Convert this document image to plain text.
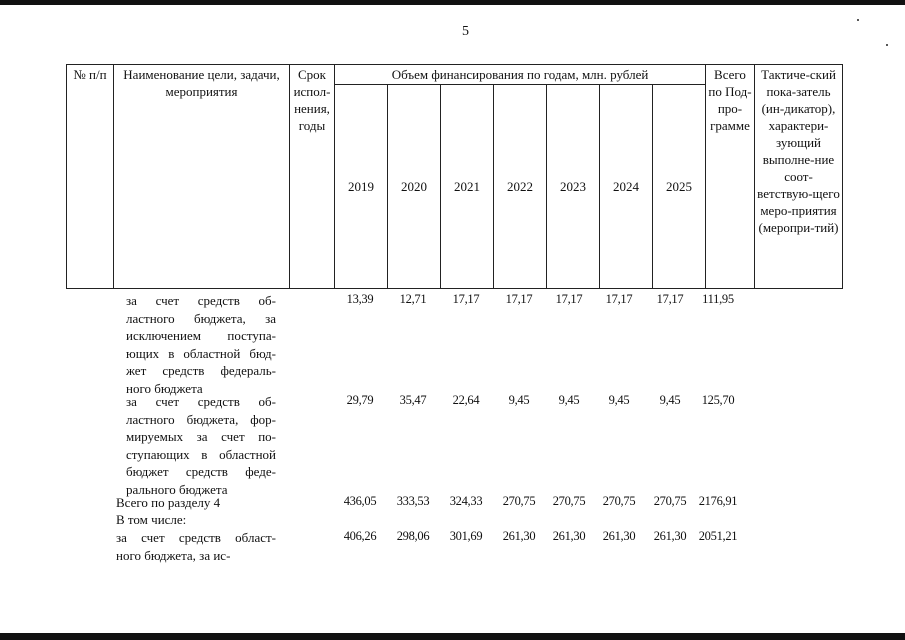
5
№ п/п	Наименование цели, задачи, мероприятия	Срок испол-нения, годы	Объем финансирования по годам, млн. рублей							Всего по Под-про-грамме	Тактиче-ский пока-затель (ин-дикатор), характери-зующий выполне-ние соот-ветствую-щего меро-приятия (меропри-тий)
			2019	2020	2021	2022	2023	2024	2025		
за счет средств об-
ластного бюджета, за
исключением поступа-
ющих в областной бюд-
жет средств федераль-
ного бюджета
13,39	12,71	17,17	17,17	17,17	17,17	17,17	111,95
за счет средств об-
ластного бюджета, фор-
мируемых за счет по-
ступающих в областной
бюджет средств феде-
рального бюджета
29,79	35,47	22,64	9,45	9,45	9,45	9,45	125,70
Всего по разделу 4	436,05	333,53	324,33	270,75	270,75	270,75	270,75 2176,91
В том числе:
за счет средств област-
ного бюджета, за ис-
406,26	298,06	301,69	261,30	261,30	261,30	261,30 2051,21
